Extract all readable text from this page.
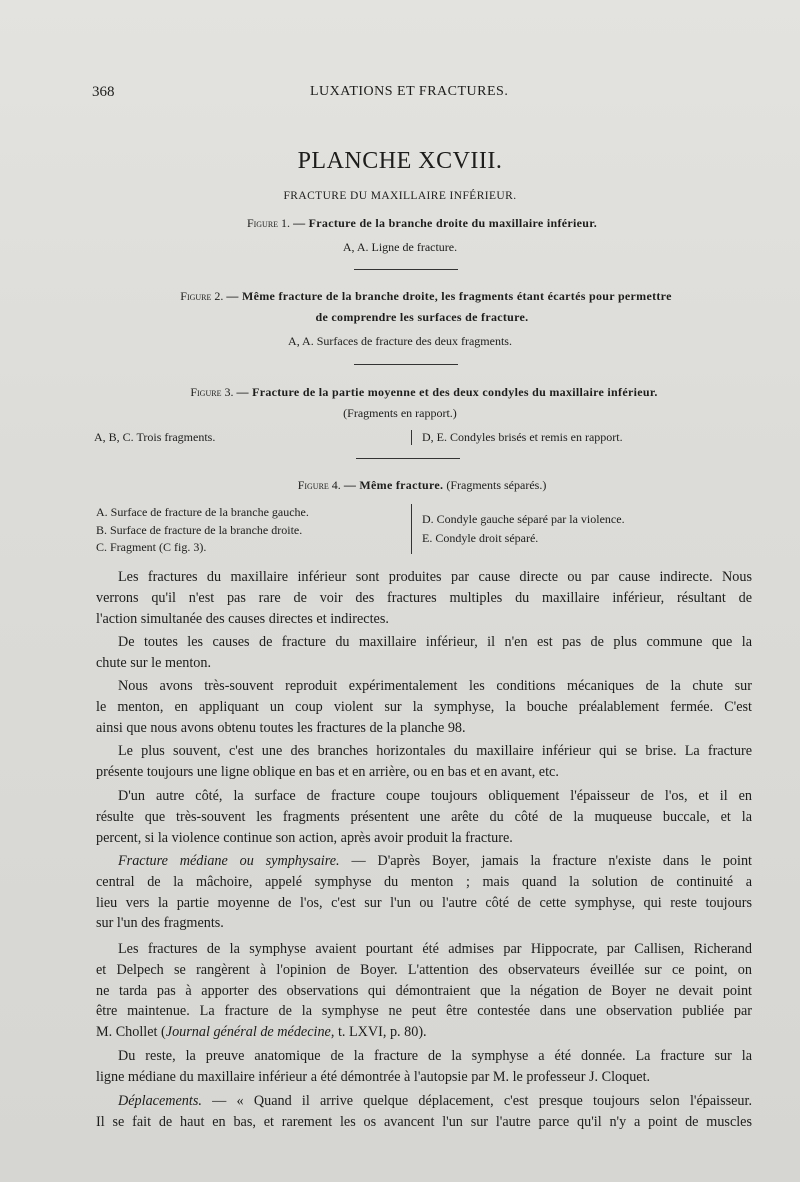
368	LUXATIONS ET FRACTURES.
PLANCHE XCVIII.
FRACTURE DU MAXILLAIRE INFÉRIEUR.
Figure 1. — Fracture de la branche droite du maxillaire inférieur.
A, A. Ligne de fracture.
Figure 2. — Même fracture de la branche droite, les fragments étant écartés pour permettre
de comprendre les surfaces de fracture.
A, A. Surfaces de fracture des deux fragments.
Figure 3. — Fracture de la partie moyenne et des deux condyles du maxillaire inférieur.
(Fragments en rapport.)
A, B, C. Trois fragments.	D, E. Condyles brisés et remis en rapport.
Figure 4. — Même fracture. (Fragments séparés.)
A. Surface de fracture de la branche gauche.
B. Surface de fracture de la branche droite.
C. Fragment (C fig. 3).
D. Condyle gauche séparé par la violence.
E. Condyle droit séparé.
Les fractures du maxillaire inférieur sont produites par cause directe ou par cause indirecte. Nous
verrons qu'il n'est pas rare de voir des fractures multiples du maxillaire inférieur, résultant de
l'action simultanée des causes directes et indirectes.
De toutes les causes de fracture du maxillaire inférieur, il n'en est pas de plus commune que la
chute sur le menton.
Nous avons très-souvent reproduit expérimentalement les conditions mécaniques de la chute sur
le menton, en appliquant un coup violent sur la symphyse, la bouche préalablement fermée. C'est
ainsi que nous avons obtenu toutes les fractures de la planche 98.
Le plus souvent, c'est une des branches horizontales du maxillaire inférieur qui se brise. La fracture
présente toujours une ligne oblique en bas et en arrière, ou en bas et en avant, etc.
D'un autre côté, la surface de fracture coupe toujours obliquement l'épaisseur de l'os, et il en
résulte que très-souvent les fragments présentent une arête du côté de la muqueuse buccale, et la
percent, si la violence continue son action, après avoir produit la fracture.
Fracture médiane ou symphysaire. — D'après Boyer, jamais la fracture n'existe dans le point
central de la mâchoire, appelé symphyse du menton ; mais quand la solution de continuité a
lieu vers la partie moyenne de l'os, c'est sur l'un ou l'autre côté de cette symphyse, qui reste toujours
sur l'un des fragments.
Les fractures de la symphyse avaient pourtant été admises par Hippocrate, par Callisen, Richerand
et Delpech se rangèrent à l'opinion de Boyer. L'attention des observateurs éveillée sur ce point, on
ne tarda pas à apporter des observations qui démontraient que la négation de Boyer ne devait point
être maintenue. La fracture de la symphyse ne peut être contestée dans une observation publiée par
M. Chollet (Journal général de médecine, t. LXVI, p. 80).
Du reste, la preuve anatomique de la fracture de la symphyse a été donnée. La fracture sur la
ligne médiane du maxillaire inférieur a été démontrée à l'autopsie par M. le professeur J. Cloquet.
Déplacements. — « Quand il arrive quelque déplacement, c'est presque toujours selon l'épaisseur.
Il se fait de haut en bas, et rarement les os avancent l'un sur l'autre parce qu'il n'y a point de muscles
